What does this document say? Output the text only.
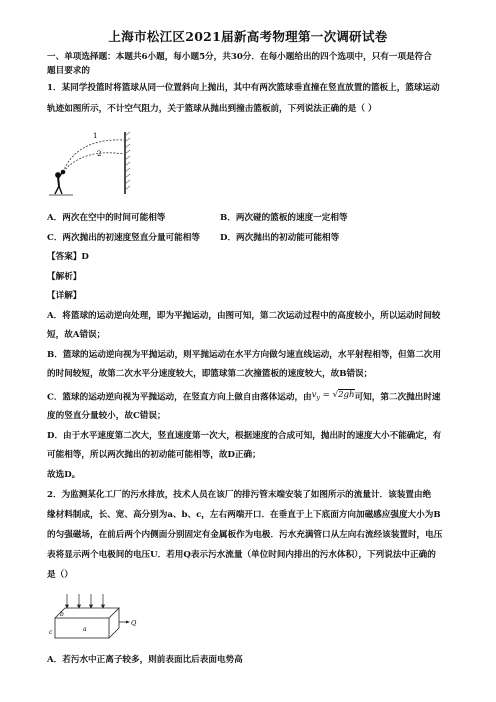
上海市松江区2021届新高考物理第一次调研试卷
一、单项选择题：本题共6小题，每小题5分，共30分．在每小题给出的四个选项中，只有一项是符合
题目要求的
1．某同学投篮时将篮球从同一位置斜向上抛出，其中有两次篮球垂直撞在竖直放置的篮板上，篮球运动
轨迹如图所示，不计空气阻力，关于篮球从抛出到撞击篮板前，下列说法正确的是（ ）
1
2
A．两次在空中的时间可能相等	B．两次碰的篮板的速度一定相等
C．两次抛出的初速度竖直分量可能相等 D．两次抛出的初动能可能相等
【答案】D
【解析】
【详解】
A．将篮球的运动逆向处理，即为平抛运动，由图可知，第二次运动过程中的高度较小，所以运动时间较
短，故A错误；
B．篮球的运动逆向视为平抛运动，则平抛运动在水平方向做匀速直线运动，水平射程相等，但第二次用
的时间较短，故第二次水平分速度较大，即篮球第二次撞篮板的速度较大，故B错误；
C．篮球的运动逆向视为平抛运动，在竖直方向上做自由落体运动，由$v_y = √2gh$可知，第二次抛出时速
度的竖直分量较小，故C错误；
D．由于水平速度第二次大，竖直速度第一次大，根据速度的合成可知，抛出时的速度大小不能确定，有
可能相等，所以两次抛出的初动能可能相等，故D正确；
故选D。
2．为监测某化工厂的污水排放，技术人员在该厂的排污管末端安装了如图所示的流量计．该装置由绝
缘材料制成，长、宽、高分别为a、b、c，左右两端开口．在垂直于上下底面方向加磁感应强度大小为B
的匀强磁场，在前后两个内侧面分别固定有金属板作为电极．污水充满管口从左向右流经该装置时，电压
表将显示两个电极间的电压U．若用Q表示污水流量（单位时间内排出的污水体积），下列说法中正确的
是（）
b
a
c
Q
A．若污水中正离子较多，则前表面比后表面电势高
